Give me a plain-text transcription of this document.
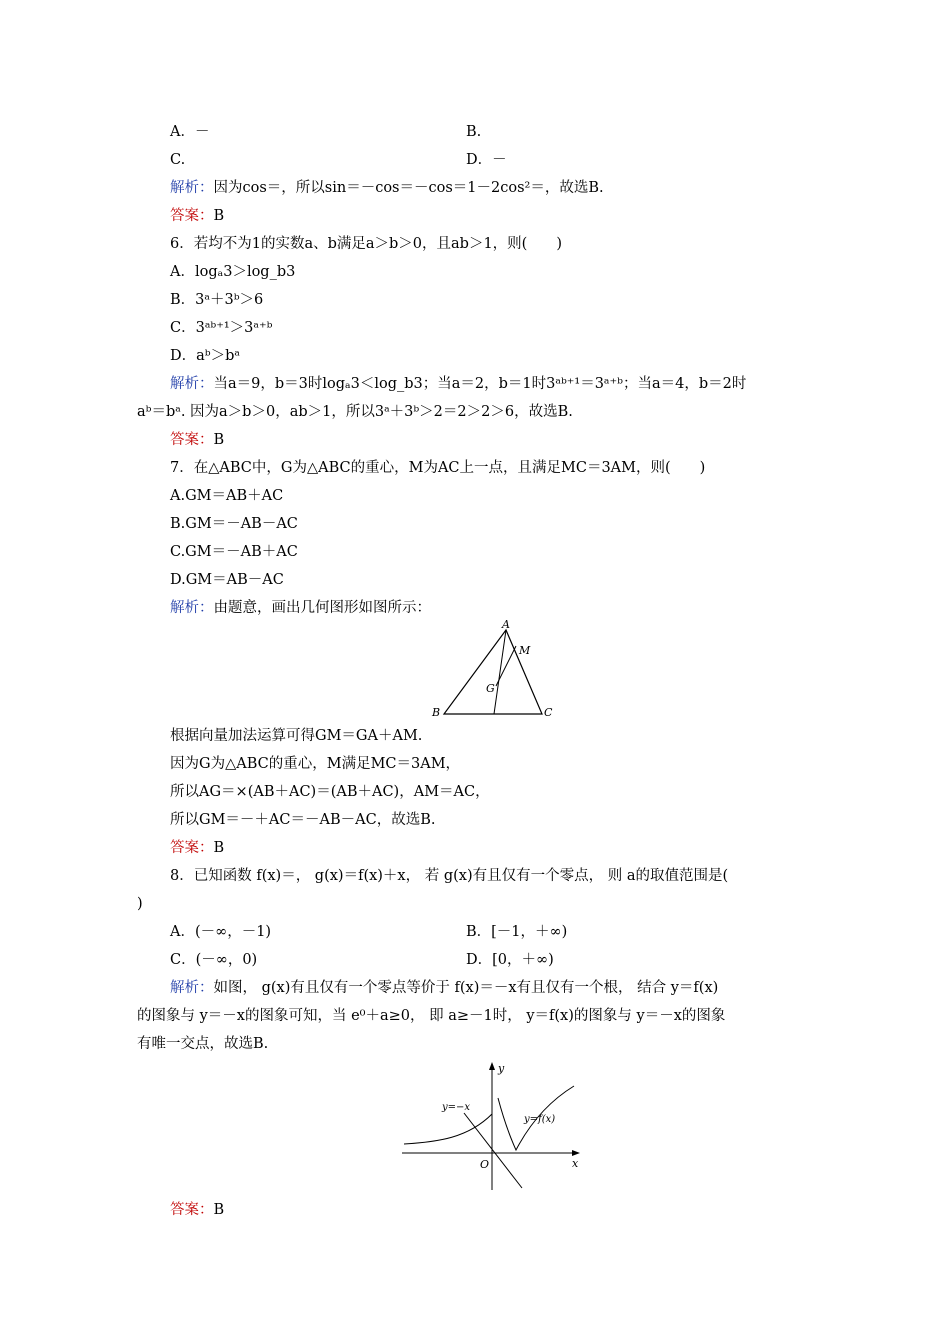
A．－	B.
C.	D．－
解析：因为cos＝，所以sin＝－cos＝－cos＝1－2cos²＝，故选B.
答案：B
6．若均不为1的实数a、b满足a＞b＞0，且ab＞1，则(　　)
A．logₐ3＞log_b3
B．3ᵃ＋3ᵇ＞6
C．3ᵃᵇ⁺¹＞3ᵃ⁺ᵇ
D．aᵇ＞bᵃ
解析：当a＝9，b＝3时logₐ3＜log_b3；当a＝2，b＝1时3ᵃᵇ⁺¹＝3ᵃ⁺ᵇ；当a＝4，b＝2时
aᵇ＝bᵃ. 因为a＞b＞0，ab＞1，所以3ᵃ＋3ᵇ＞2＝2＞2＞6，故选B.
答案：B
7．在△ABC中，G为△ABC的重心，M为AC上一点，且满足MC＝3AM，则(　　)
A.GM＝AB＋AC
B.GM＝－AB－AC
C.GM＝－AB＋AC
D.GM＝AB－AC
解析：由题意，画出几何图形如图所示：
A
M
G
B	C
根据向量加法运算可得GM＝GA＋AM.
因为G为△ABC的重心，M满足MC＝3AM，
所以AG＝×(AB＋AC)＝(AB＋AC)，AM＝AC，
所以GM＝－＋AC＝－AB－AC，故选B.
答案：B
8．已知函数 f(x)＝， g(x)＝f(x)＋x， 若 g(x)有且仅有一个零点， 则 a的取值范围是(
)
A．(－∞，－1)	B．[－1，＋∞)
C．(－∞，0)	D．[0，＋∞)
解析：如图， g(x)有且仅有一个零点等价于 f(x)＝－x有且仅有一个根， 结合 y＝f(x)
的图象与 y＝－x的图象可知，当 e⁰＋a≥0， 即 a≥－1时， y＝f(x)的图象与 y＝－x的图象
有唯一交点，故选B.
y
x
O
y=−x
y=f(x)
答案：B
